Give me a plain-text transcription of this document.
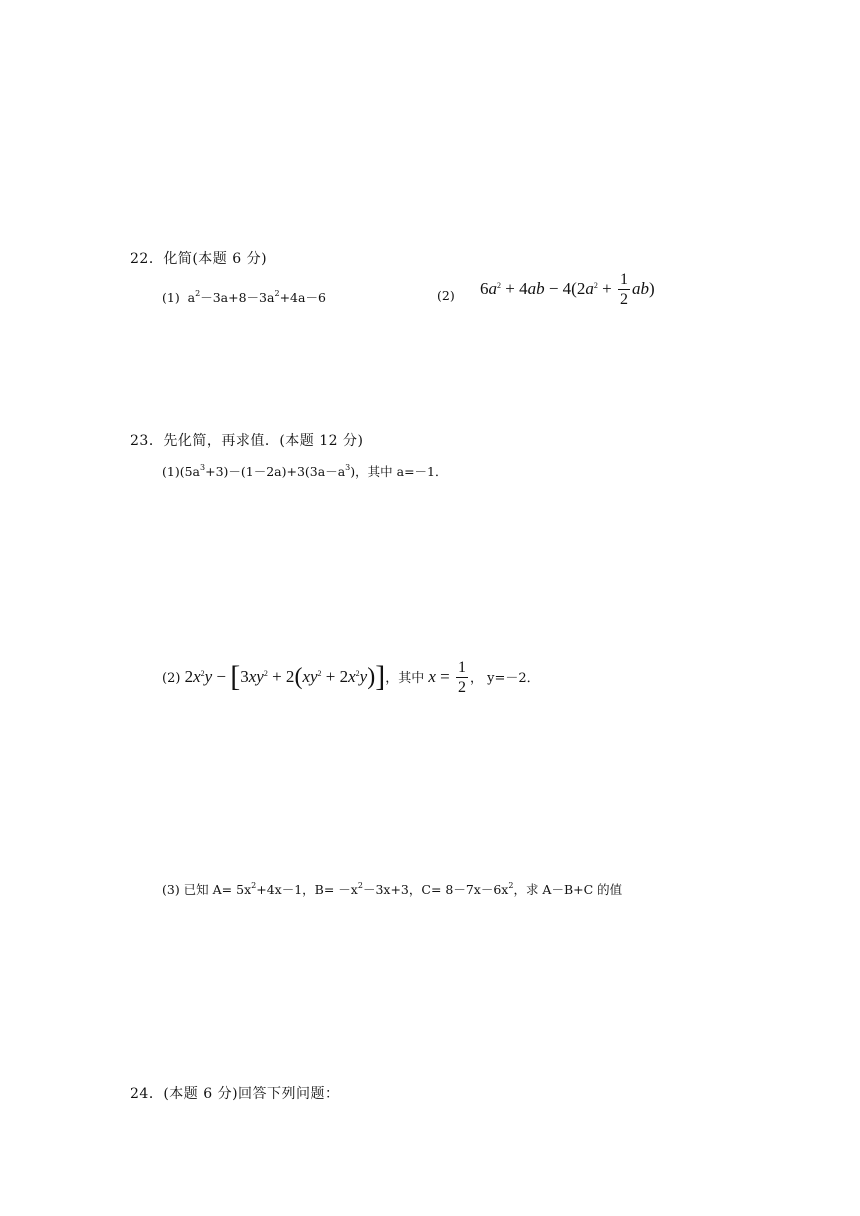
22．化简(本题 6 分)
(1) $a^2-3a+8-3a^2+4a-6$	(2) $6a^2 + 4ab - 4(2a^2 + \frac{1}{2} ab)$
23．先化简，再求值．(本题 12 分)
$(1)(5a^3+3)-(1-2a)+3(3a-a^3)$，其中 a=－1．
(2) $2x^2y - [3xy^2 + 2(xy^2 + 2x^2y)]$，其中 $x = \frac{1}{2}$ ， y=－2．
(3) 已知 $A= 5x^2+4x-1$，$B= -x^2-3x+3$，$C= 8-7x-6x^2$，求 A－B+C 的值
24．(本题 6 分)回答下列问题：
